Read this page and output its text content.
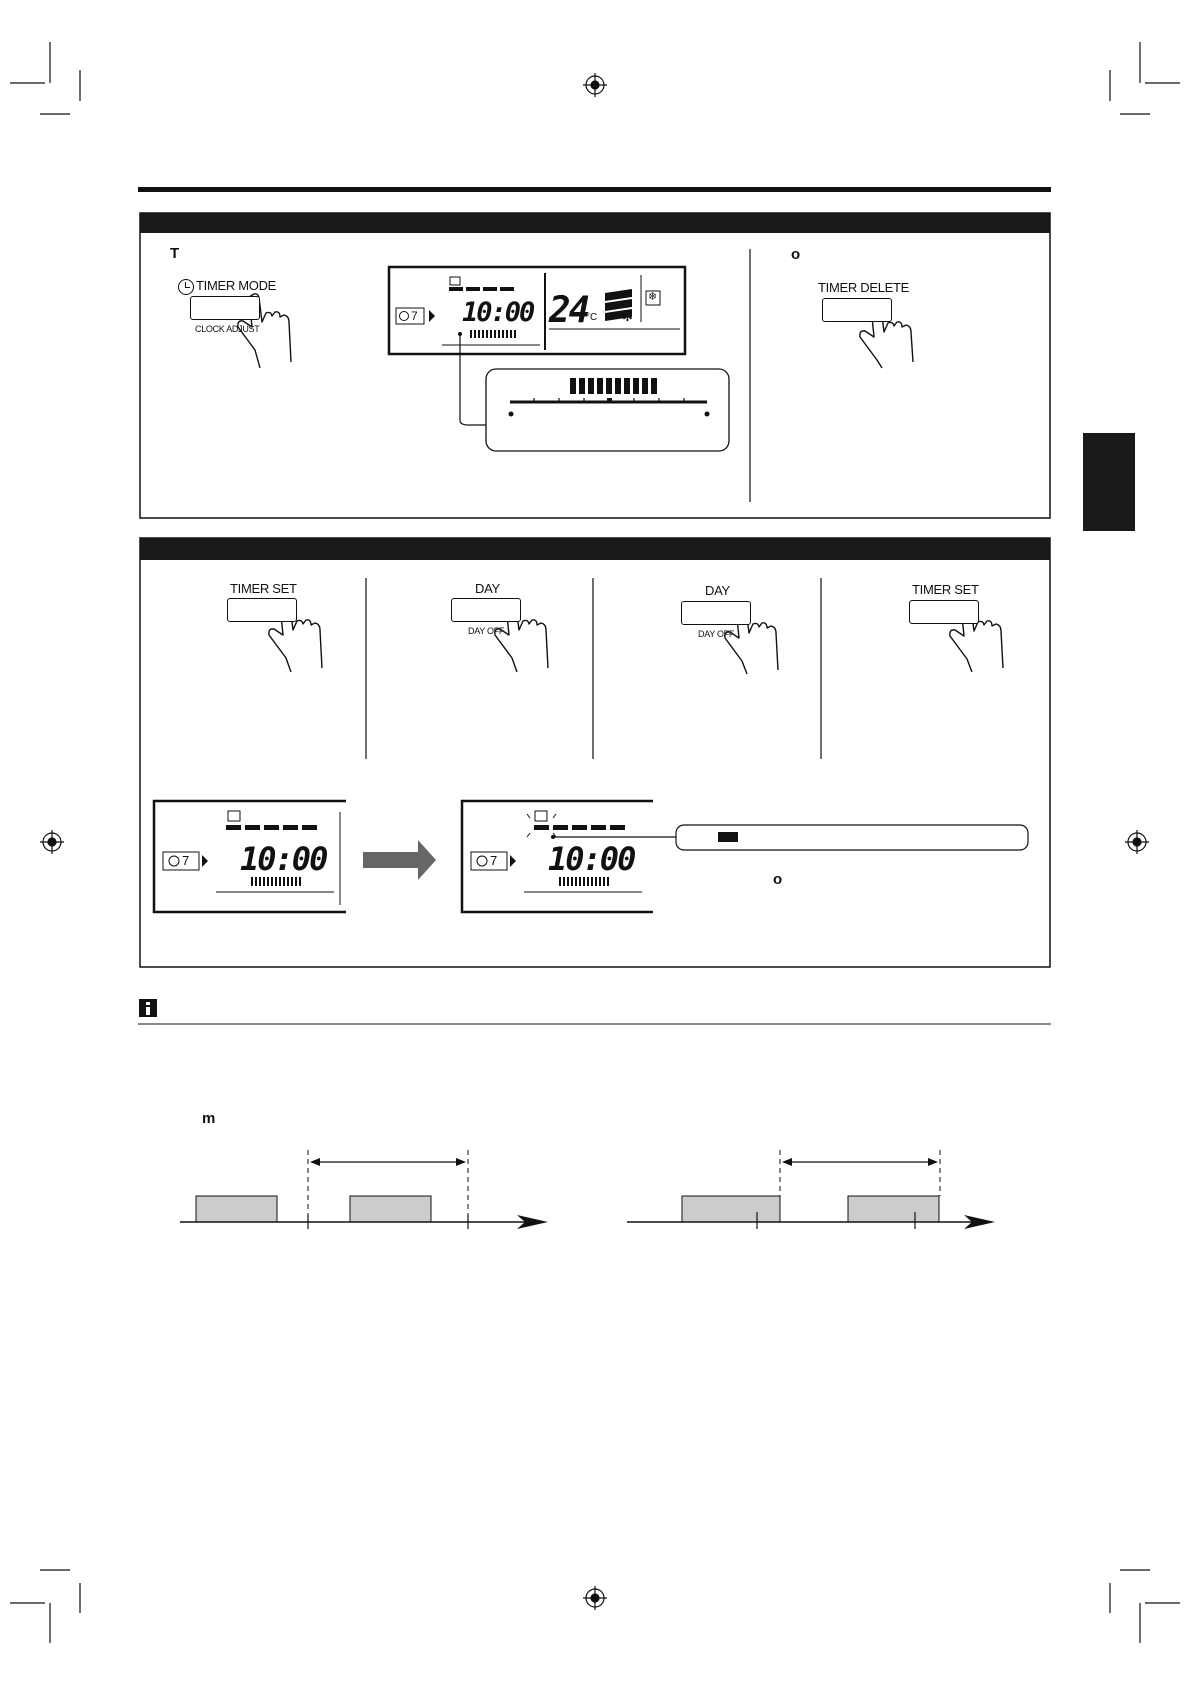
T	o
TIMER MODE
CLOCK ADJUST
TIMER DELETE
7 10:00 24
°C
❄
✻
TIMER SET	DAY
DAY OFF
DAY
DAY OFF
TIMER SET
7 10:00	7 10:00
o
m
